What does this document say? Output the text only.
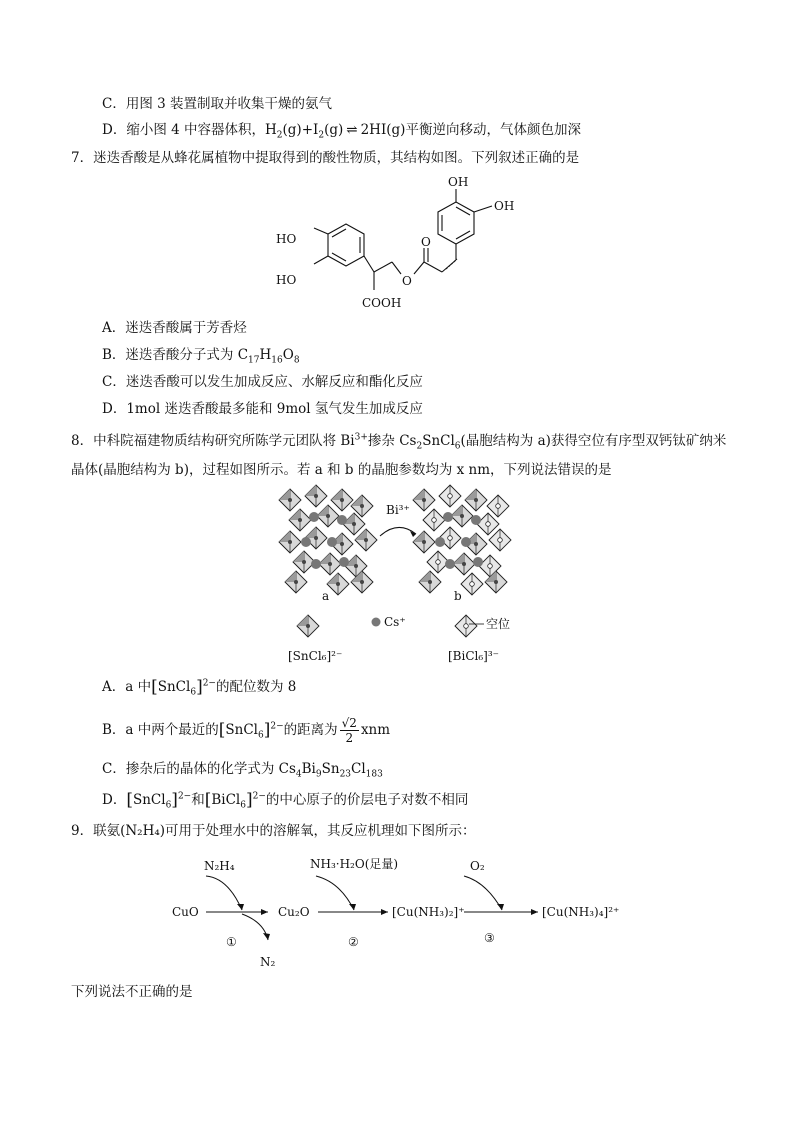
C．用图 3 装置制取并收集干燥的氨气
D．缩小图 4 中容器体积，$H_2(g)+I_2(g)$ ⇌ 2HI(g)平衡逆向移动，气体颜色加深
7．迷迭香酸是从蜂花属植物中提取得到的酸性物质，其结构如图。下列叙述正确的是
HO
HO
COOH
O
O
OH
OH
A．迷迭香酸属于芳香烃
B．迷迭香酸分子式为 $C_{17}H_{16}O_8$
C．迷迭香酸可以发生加成反应、水解反应和酯化反应
D．1mol 迷迭香酸最多能和 9mol 氢气发生加成反应
8．中科院福建物质结构研究所陈学元团队将 $Bi^{3+}$掺杂 $Cs_2SnCl_6$(晶胞结构为 a)获得空位有序型双钙钛矿纳米
晶体(晶胞结构为 b)，过程如图所示。若 a 和 b 的晶胞参数均为 x nm，下列说法错误的是
a
Bi³⁺
b
[SnCl₆]²⁻
Cs⁺	空位
[BiCl₆]³⁻
A．a 中[SnCl$_6$]$^{2-}$的配位数为 8
B．a 中两个最近的[SnCl$_6$]$^{2-}$的距离为 $\frac{√2}{2}$ xnm
C．掺杂后的晶体的化学式为 $Cs_4Bi_9Sn_{23}Cl_{183}$
D．[SnCl$_6$]$^{2-}$和[BiCl$_6$]$^{2-}$的中心原子的价层电子对数不相同
9．联氨(N₂H₄)可用于处理水中的溶解氧，其反应机理如下图所示：
CuO
N₂H₄
N₂
①
Cu₂O
NH₃·H₂O(足量)
②
[Cu(NH₃)₂]⁺
O₂
③
[Cu(NH₃)₄]²⁺
下列说法不正确的是
